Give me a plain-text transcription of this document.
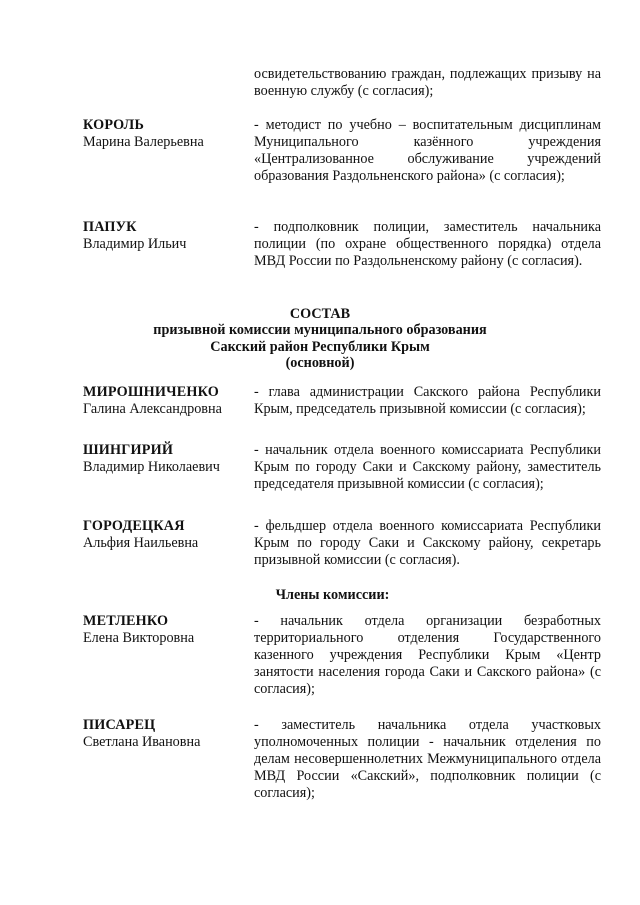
освидетельствованию граждан, подлежащих призыву на военную службу (с согласия);
КОРОЛЬ
Марина Валерьевна
- методист по учебно – воспитательным дисциплинам Муниципального казённого учреждения «Централизованное обслуживание учреждений образования Раздольненского района» (с согласия);
ПАПУК
Владимир Ильич
- подполковник полиции, заместитель начальника полиции (по охране общественного порядка) отдела МВД России по Раздольненскому району (с согласия).
СОСТАВ
призывной комиссии муниципального образования
Сакский район Республики Крым
(основной)
МИРОШНИЧЕНКО
Галина Александровна
- глава администрации Сакского района Республики Крым, председатель призывной комиссии (с согласия);
ШИНГИРИЙ
Владимир Николаевич
- начальник отдела военного комиссариата Республики Крым по городу Саки и Сакскому району, заместитель председателя призывной комиссии (с согласия);
ГОРОДЕЦКАЯ
Альфия Наильевна
- фельдшер отдела военного комиссариата Республики Крым по городу Саки и Сакскому району, секретарь призывной комиссии (с согласия).
Члены комиссии:
МЕТЛЕНКО
Елена Викторовна
- начальник отдела организации безработных территориального отделения Государственного казенного учреждения Республики Крым «Центр занятости населения города Саки и Сакского района» (с согласия);
ПИСАРЕЦ
Светлана Ивановна
- заместитель начальника отдела участковых уполномоченных полиции - начальник отделения по делам несовершеннолетних Межмуниципального отдела МВД России «Сакский», подполковник полиции (с согласия);
